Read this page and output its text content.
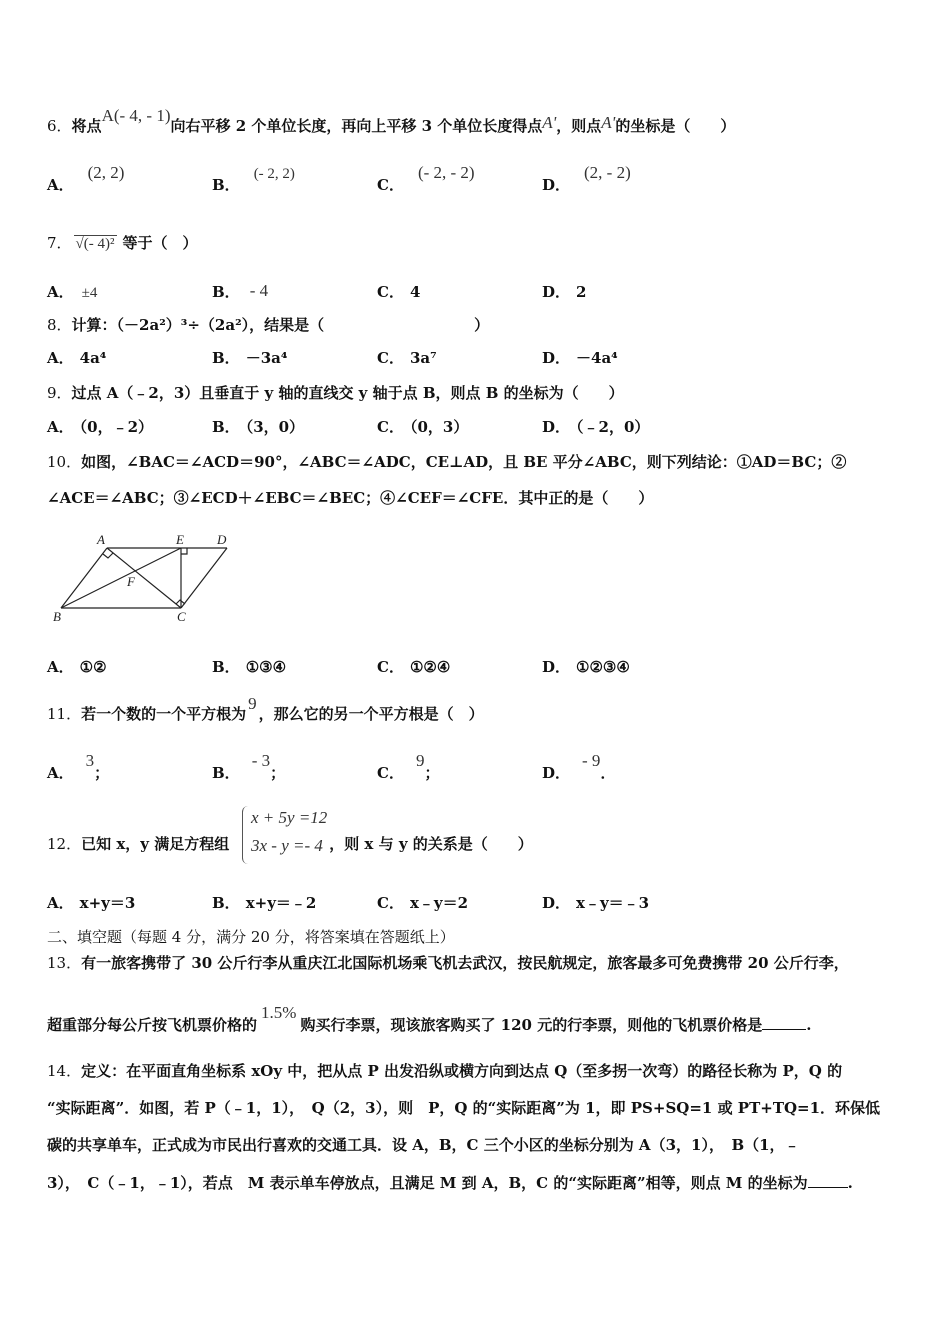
6．将点A(- 4, - 1)向右平移 2 个单位长度，再向上平移 3 个单位长度得点A'，则点A'的坐标是（　　）
A．(2, 2)
B．(- 2, 2)
C．(- 2, - 2)
D．(2, - 2)
7． √(- 4)² 等于（　）
A． ±4	B． - 4	C． 4	D． 2
8．计算：（－2a²）³÷（2a²），结果是（　　　　　　　　　　）
A． 4a⁴	B． －3a⁴	C． 3a⁷	D． －4a⁴
9．过点 A（﹣2，3）且垂直于 y 轴的直线交 y 轴于点 B，则点 B 的坐标为（　　）
A． （0，﹣2）	B． （3，0）	C． （0，3）	D． （﹣2，0）
10．如图，∠BAC＝∠ACD＝90°，∠ABC＝∠ADC，CE⊥AD，且 BE 平分∠ABC，则下列结论：①AD＝BC；②
∠ACE＝∠ABC；③∠ECD＋∠EBC＝∠BEC；④∠CEF＝∠CFE．其中正的是（　　）
A	E	D
F
B	C
A． ①②	B． ①③④	C． ①②④	D． ①②③④
11．若一个数的一个平方根为9，那么它的另一个平方根是（　）
A．3；	B．- 3；	C．9；	D．- 9．
12．已知 x，y 满足方程组	，则 x 与 y 的关系是（　　）
x + 5y =12
3x - y =- 4
A． x+y＝3	B． x+y＝﹣2	C． x﹣y＝2	D． x﹣y＝﹣3
二、填空题（每题 4 分，满分 20 分，将答案填在答题纸上）
13．有一旅客携带了 30 公斤行李从重庆江北国际机场乘飞机去武汉，按民航规定，旅客最多可免费携带 20 公斤行李，
超重部分每公斤按飞机票价格的1.5%购买行李票，现该旅客购买了 120 元的行李票，则他的飞机票价格是	.
14．定义：在平面直角坐标系 xOy 中，把从点 P 出发沿纵或横方向到达点 Q（至多拐一次弯）的路径长称为 P，Q 的
“实际距离”．如图，若 P（﹣1，1），　Q（2，3），则　P，Q 的“实际距离”为 1，即 PS+SQ=1 或 PT+TQ=1．环保低
碳的共享单车，正式成为市民出行喜欢的交通工具．设 A，B，C 三个小区的坐标分别为 A（3，1），　B（1，﹣
3），　C（﹣1，﹣1），若点　M 表示单车停放点，且满足 M 到 A，B，C 的“实际距离”相等，则点 M 的坐标为	.
